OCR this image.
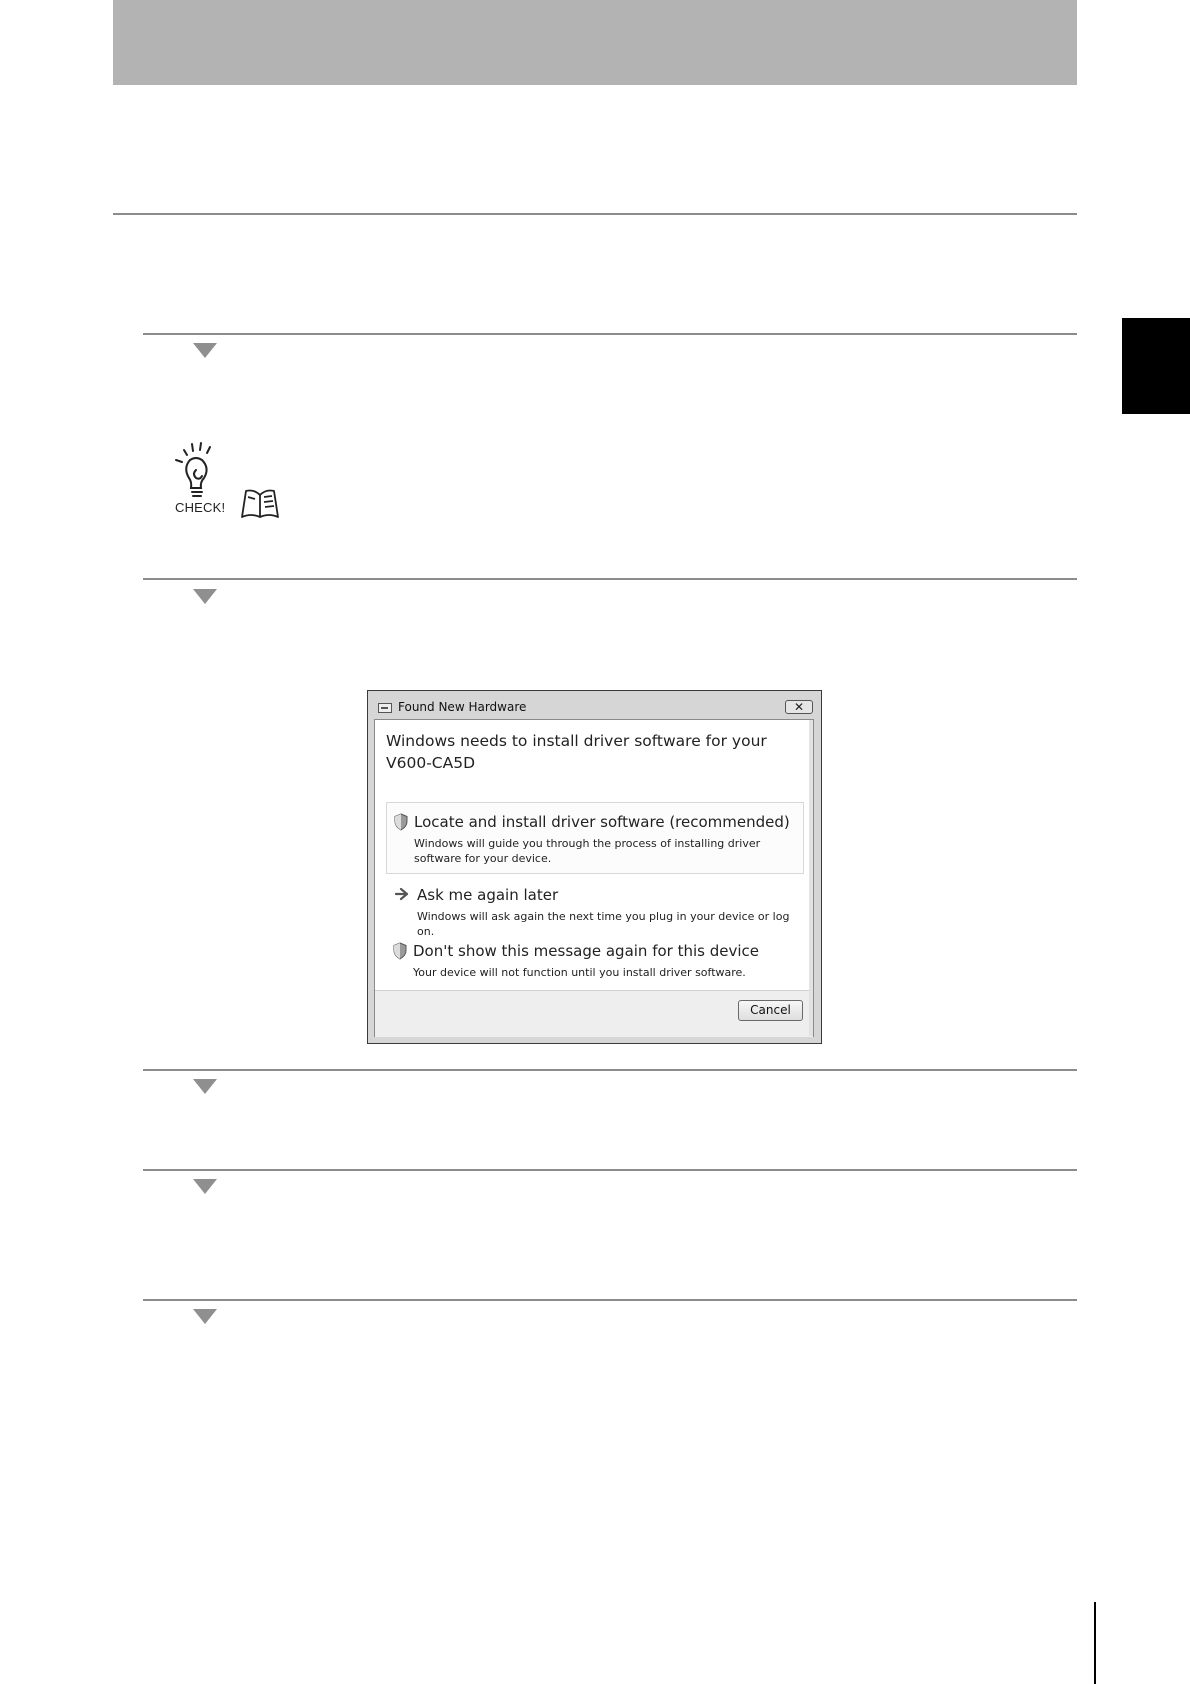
CHECK!
Found New Hardware	✕
Windows needs to install driver software for your V600-CA5D
Locate and install driver software (recommended)
Windows will guide you through the process of installing driver software for your device.
Ask me again later
Windows will ask again the next time you plug in your device or log on.
Don't show this message again for this device
Your device will not function until you install driver software.
Cancel
